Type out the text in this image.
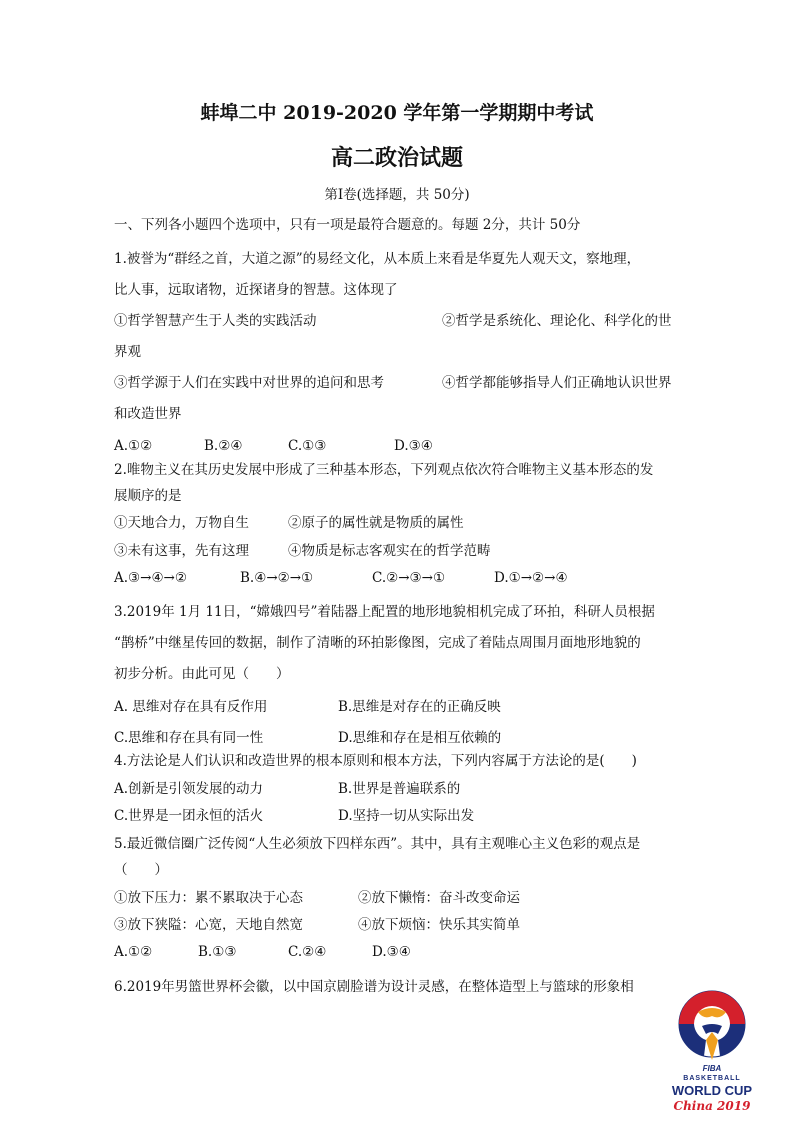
蚌埠二中 2019-2020 学年第一学期期中考试
高二政治试题
第Ⅰ卷(选择题，共 50分)
一、下列各小题四个选项中，只有一项是最符合题意的。每题 2分，共计 50分
1.被誉为“群经之首，大道之源”的易经文化，从本质上来看是华夏先人观天文，察地理，
比人事，远取诸物，近探诸身的智慧。这体现了
①哲学智慧产生于人类的实践活动	②哲学是系统化、理论化、科学化的世
界观
③哲学源于人们在实践中对世界的追问和思考	④哲学都能够指导人们正确地认识世界
和改造世界
A.①②	B.②④	C.①③	D.③④
2.唯物主义在其历史发展中形成了三种基本形态，下列观点依次符合唯物主义基本形态的发
展顺序的是
①天地合力，万物自生	②原子的属性就是物质的属性
③未有这事，先有这理	④物质是标志客观实在的哲学范畴
A.③→④→②	B.④→②→①	C.②→③→①	D.①→②→④
3.2019年 1月 11日，“嫦娥四号”着陆器上配置的地形地貌相机完成了环拍，科研人员根据
“鹊桥”中继星传回的数据，制作了清晰的环拍影像图，完成了着陆点周围月面地形地貌的
初步分析。由此可见（　　）
A. 思维对存在具有反作用	B.思维是对存在的正确反映
C.思维和存在具有同一性	D.思维和存在是相互依赖的
4.方法论是人们认识和改造世界的根本原则和根本方法，下列内容属于方法论的是(　　)
A.创新是引领发展的动力	B.世界是普遍联系的
C.世界是一团永恒的活火	D.坚持一切从实际出发
5.最近微信圈广泛传阅“人生必须放下四样东西”。其中，具有主观唯心主义色彩的观点是
（　　）
①放下压力：累不累取决于心态	②放下懒惰：奋斗改变命运
③放下狭隘：心宽，天地自然宽	④放下烦恼：快乐其实简单
A.①②	B.①③	C.②④	D.③④
6.2019年男篮世界杯会徽，以中国京剧脸谱为设计灵感，在整体造型上与篮球的形象相
FIBA
BASKETBALL
WORLD CUP
China 2019
